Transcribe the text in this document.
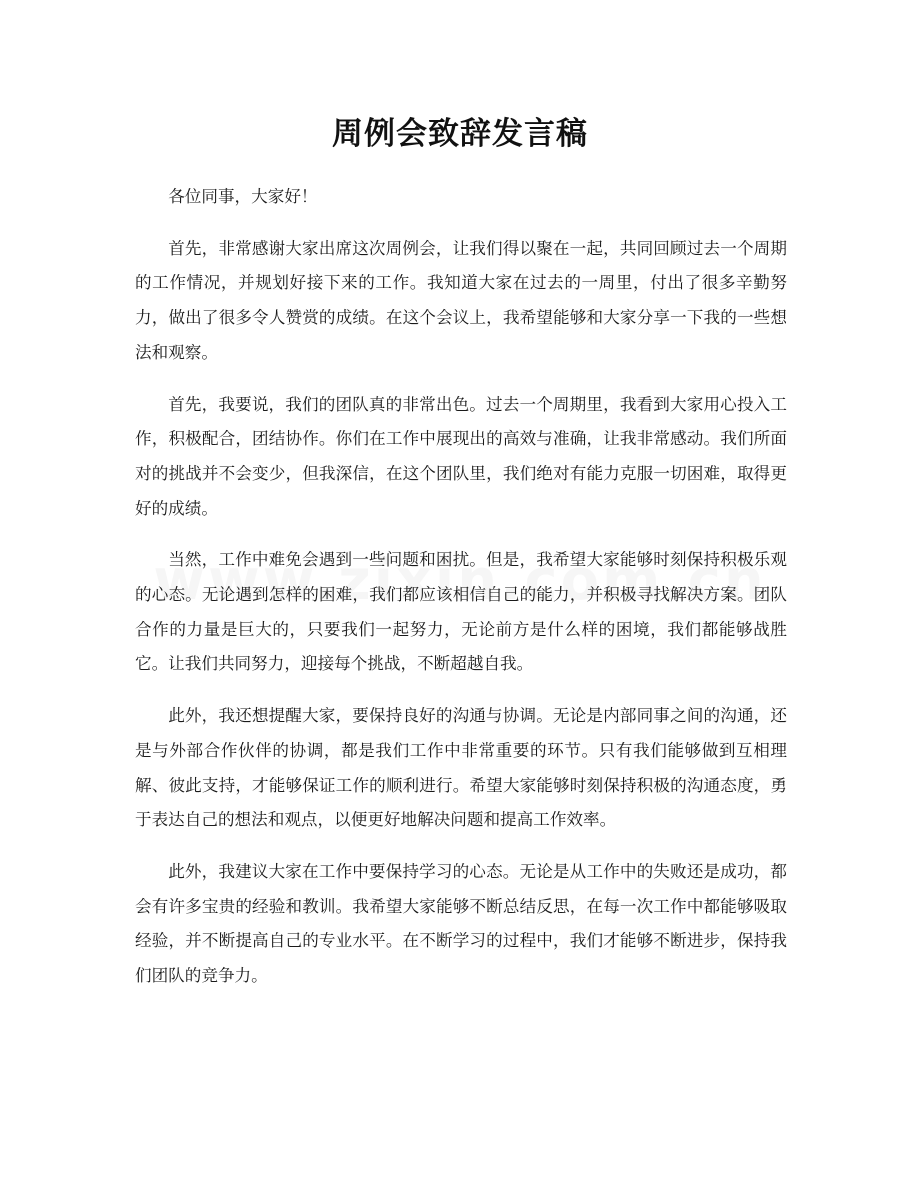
周例会致辞发言稿

各位同事，大家好！

首先，非常感谢大家出席这次周例会，让我们得以聚在一起，共同回顾过去一个周期的工作情况，并规划好接下来的工作。我知道大家在过去的一周里，付出了很多辛勤努力，做出了很多令人赞赏的成绩。在这个会议上，我希望能够和大家分享一下我的一些想法和观察。

首先，我要说，我们的团队真的非常出色。过去一个周期里，我看到大家用心投入工作，积极配合，团结协作。你们在工作中展现出的高效与准确，让我非常感动。我们所面对的挑战并不会变少，但我深信，在这个团队里，我们绝对有能力克服一切困难，取得更好的成绩。

当然，工作中难免会遇到一些问题和困扰。但是，我希望大家能够时刻保持积极乐观的心态。无论遇到怎样的困难，我们都应该相信自己的能力，并积极寻找解决方案。团队合作的力量是巨大的，只要我们一起努力，无论前方是什么样的困境，我们都能够战胜它。让我们共同努力，迎接每个挑战，不断超越自我。

此外，我还想提醒大家，要保持良好的沟通与协调。无论是内部同事之间的沟通，还是与外部合作伙伴的协调，都是我们工作中非常重要的环节。只有我们能够做到互相理解、彼此支持，才能够保证工作的顺利进行。希望大家能够时刻保持积极的沟通态度，勇于表达自己的想法和观点，以便更好地解决问题和提高工作效率。

此外，我建议大家在工作中要保持学习的心态。无论是从工作中的失败还是成功，都会有许多宝贵的经验和教训。我希望大家能够不断总结反思，在每一次工作中都能够吸取经验，并不断提高自己的专业水平。在不断学习的过程中，我们才能够不断进步，保持我们团队的竞争力。
